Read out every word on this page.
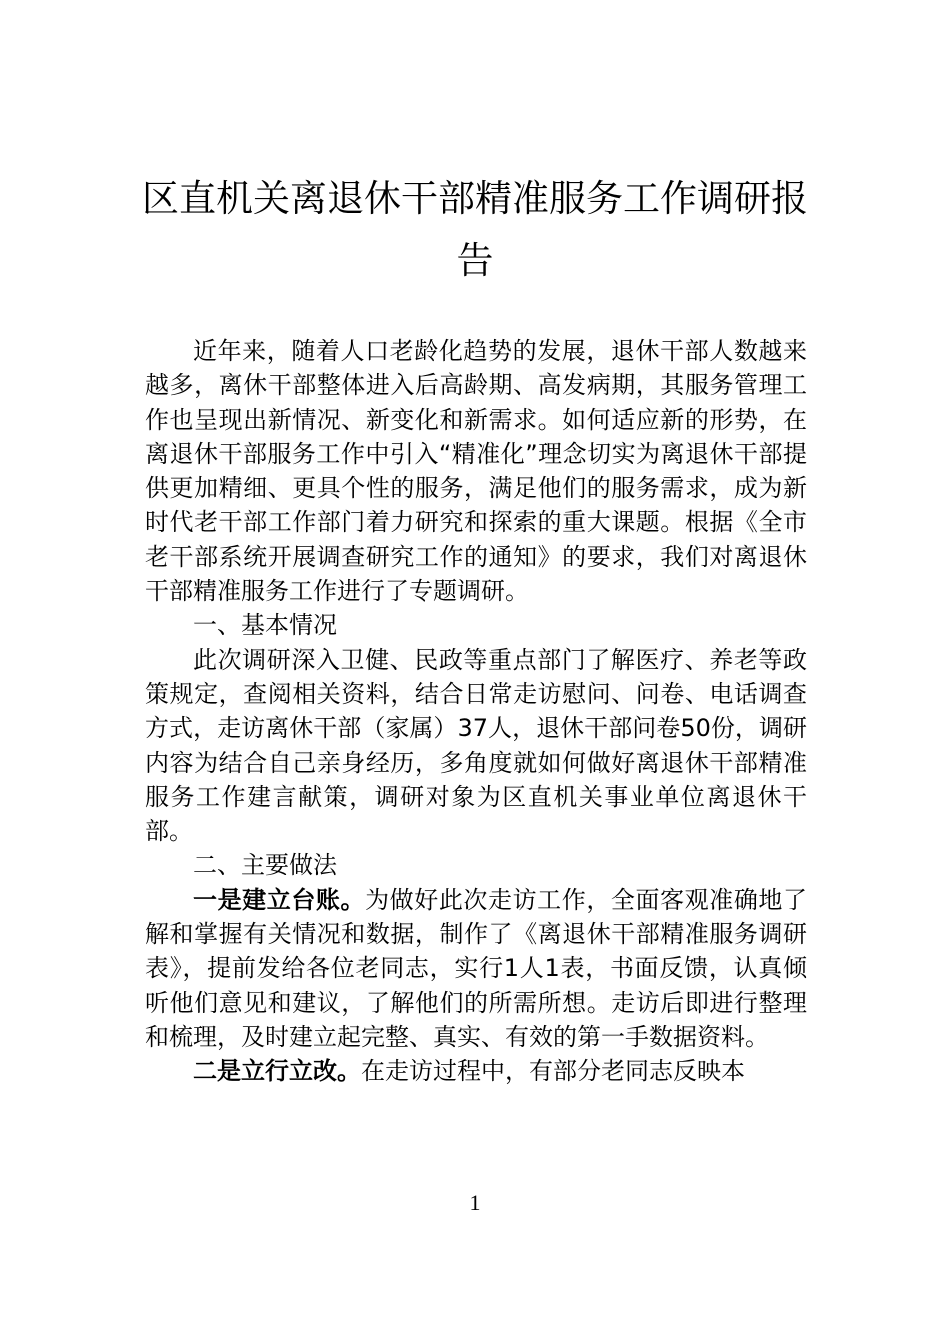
区直机关离退休干部精准服务工作调研报告

近年来，随着人口老龄化趋势的发展，退休干部人数越来越多，离休干部整体进入后高龄期、高发病期，其服务管理工作也呈现出新情况、新变化和新需求。如何适应新的形势，在离退休干部服务工作中引入“精准化”理念切实为离退休干部提供更加精细、更具个性的服务，满足他们的服务需求，成为新时代老干部工作部门着力研究和探索的重大课题。根据《全市老干部系统开展调查研究工作的通知》的要求，我们对离退休干部精准服务工作进行了专题调研。

一、基本情况

此次调研深入卫健、民政等重点部门了解医疗、养老等政策规定，查阅相关资料，结合日常走访慰问、问卷、电话调查方式，走访离休干部（家属）37人，退休干部问卷50份，调研内容为结合自己亲身经历，多角度就如何做好离退休干部精准服务工作建言献策，调研对象为区直机关事业单位离退休干部。

二、主要做法

一是建立台账。为做好此次走访工作，全面客观准确地了解和掌握有关情况和数据，制作了《离退休干部精准服务调研表》，提前发给各位老同志，实行1人1表，书面反馈，认真倾听他们意见和建议，了解他们的所需所想。走访后即进行整理和梳理，及时建立起完整、真实、有效的第一手数据资料。

二是立行立改。在走访过程中，有部分老同志反映本

1
